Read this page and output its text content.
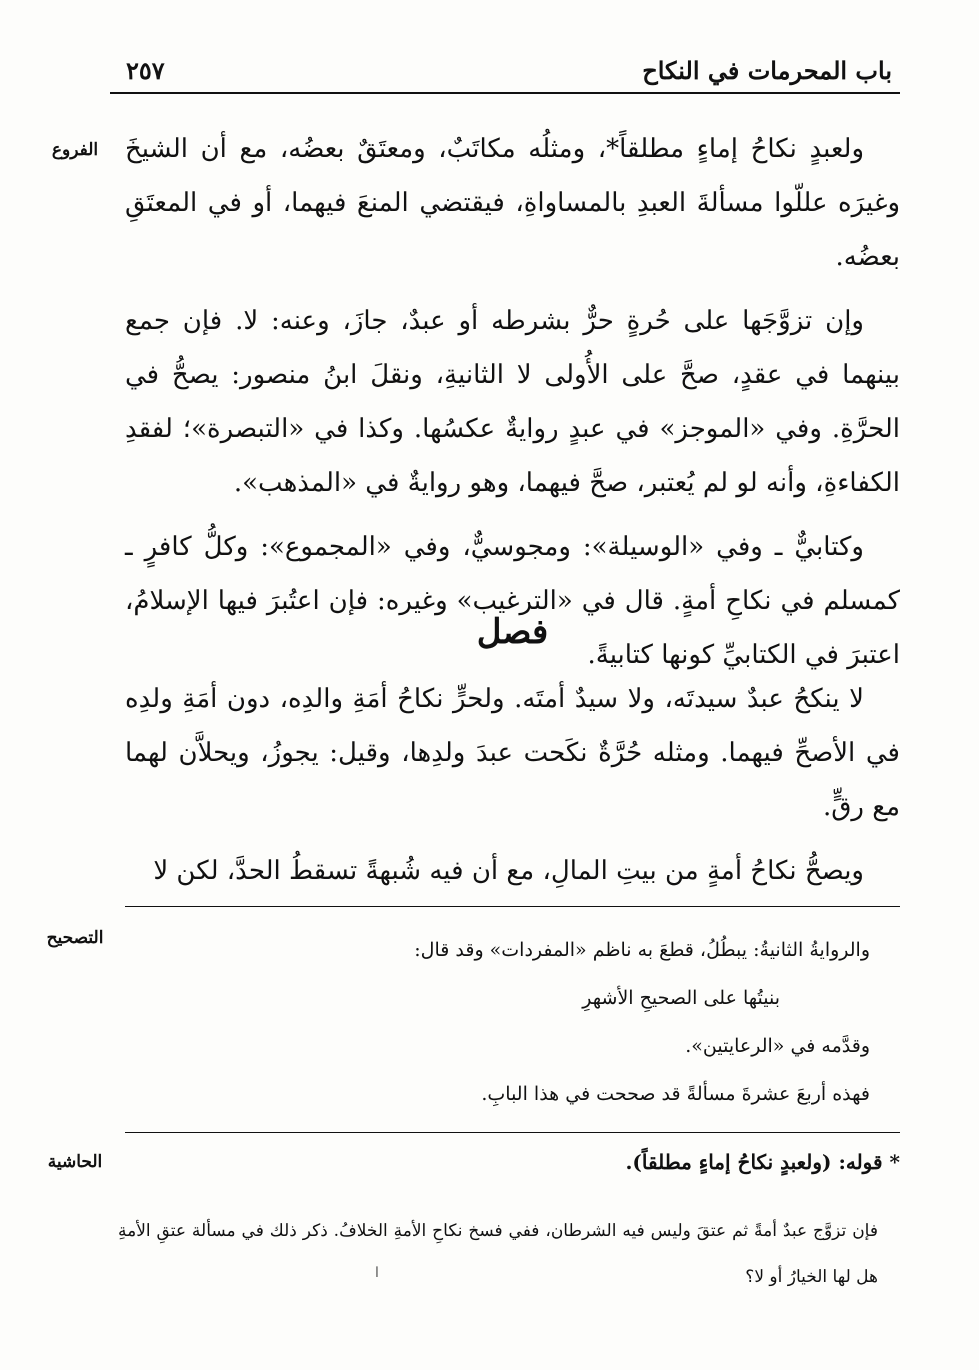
باب المحرمات في النكاح
٢٥٧
الفروع	ولعبدٍ نكاحُ إماءٍ مطلقاً*، ومثلُه مكاتَبٌ، ومعتَقٌ بعضُه، مع أن الشيخَ وغيرَه عللّوا مسألةَ العبدِ بالمساواةِ، فيقتضي المنعَ فيهما، أو في المعتَقِ بعضُه.

وإن تزوَّجَها على حُرةٍ حرٌّ بشرطه أو عبدٌ، جازَ، وعنه: لا. فإن جمع بينهما في عقدٍ، صحَّ على الأُولى لا الثانيةِ، ونقلَ ابنُ منصور: يصحُّ في الحرَّةِ. وفي «الموجز» في عبدٍ روايةٌ عكسُها. وكذا في «التبصرة»؛ لفقدِ الكفاءةِ، وأنه لو لم يُعتبر، صحَّ فيهما، وهو روايةٌ في «المذهب».

وكتابيٌّ ـ وفي «الوسيلة»: ومجوسيٌّ، وفي «المجموع»: وكلُّ كافرٍ ـ كمسلم في نكاحِ أمةٍ. قال في «الترغيب» وغيره: فإن اعتُبرَ فيها الإسلامُ، اعتبرَ في الكتابيِّ كونها كتابيةً.

فصل

لا ينكحُ عبدٌ سيدتَه، ولا سيدٌ أمتَه. ولحرٍّ نكاحُ أمَةِ والدِه، دون أمَةِ ولدِه في الأصحِّ فيهما. ومثله حُرَّةٌ نكَحت عبدَ ولدِها، وقيل: يجوزُ، ويحلاَّن لهما مع رقٍّ.

ويصحُّ نكاحُ أمةٍ من بيتِ المالِ، مع أن فيه شُبهةً تسقطُ الحدَّ، لكن لا

التصحيح
والروايةُ الثانيةُ: يبطُلُ، قطعَ به ناظم «المفردات» وقد قال:
بنيتُها على الصحيحِ الأشهرِ
وقدَّمه في «الرعايتين».
فهذه أربعَ عشرةَ مسألةً قد صححت في هذا البابِ.
الحاشية	* قوله: (ولعبدٍ نكاحُ إماءٍ مطلقاً).
فإن تزوَّج عبدٌ أمةً ثم عتقَ وليس فيه الشرطان، ففي فسخ نكاحِ الأمةِ الخلافُ. ذكر ذلك في مسألة عتقِ الأمةِ هل لها الخيارُ أو لا؟
ا
